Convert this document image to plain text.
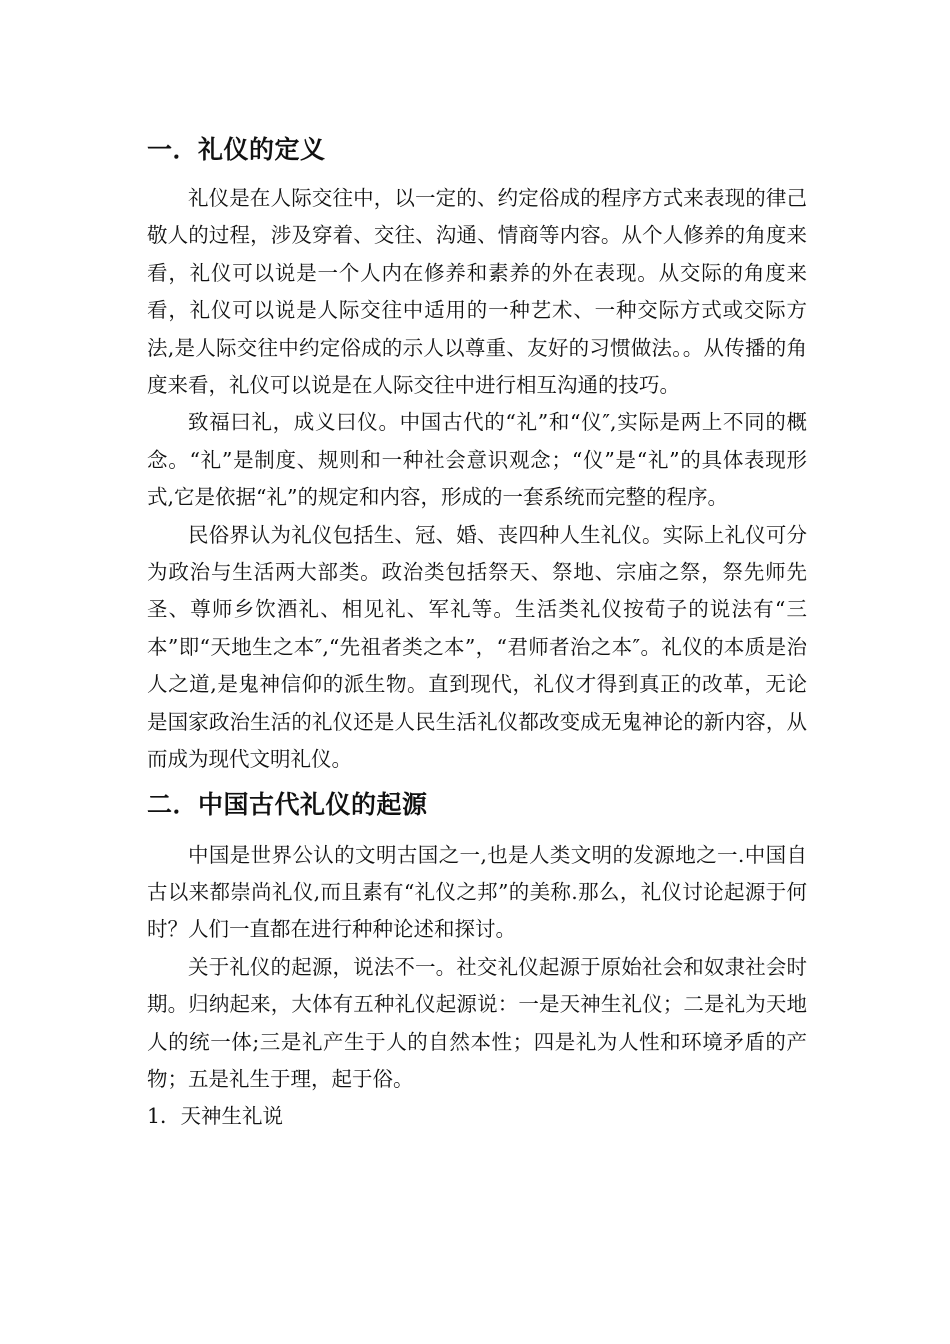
一．礼仪的定义

礼仪是在人际交往中，以一定的、约定俗成的程序方式来表现的律己敬人的过程，涉及穿着、交往、沟通、情商等内容。从个人修养的角度来看，礼仪可以说是一个人内在修养和素养的外在表现。从交际的角度来看，礼仪可以说是人际交往中适用的一种艺术、一种交际方式或交际方法,是人际交往中约定俗成的示人以尊重、友好的习惯做法。。从传播的角度来看，礼仪可以说是在人际交往中进行相互沟通的技巧。

致福曰礼，成义曰仪。中国古代的“礼”和“仪″,实际是两上不同的概念。“礼”是制度、规则和一种社会意识观念；“仪”是“礼”的具体表现形式,它是依据“礼”的规定和内容，形成的一套系统而完整的程序。

民俗界认为礼仪包括生、冠、婚、丧四种人生礼仪。实际上礼仪可分为政治与生活两大部类。政治类包括祭天、祭地、宗庙之祭，祭先师先圣、尊师乡饮酒礼、相见礼、军礼等。生活类礼仪按荀子的说法有“三本”即“天地生之本″,“先祖者类之本”，“君师者治之本″。礼仪的本质是治人之道,是鬼神信仰的派生物。直到现代，礼仪才得到真正的改革，无论是国家政治生活的礼仪还是人民生活礼仪都改变成无鬼神论的新内容，从而成为现代文明礼仪。

二．中国古代礼仪的起源

中国是世界公认的文明古国之一,也是人类文明的发源地之一.中国自古以来都崇尚礼仪,而且素有“礼仪之邦”的美称.那么，礼仪讨论起源于何时？人们一直都在进行种种论述和探讨。

关于礼仪的起源，说法不一。社交礼仪起源于原始社会和奴隶社会时期。归纳起来，大体有五种礼仪起源说：一是天神生礼仪；二是礼为天地人的统一体;三是礼产生于人的自然本性；四是礼为人性和环境矛盾的产物；五是礼生于理，起于俗。

1．天神生礼说
